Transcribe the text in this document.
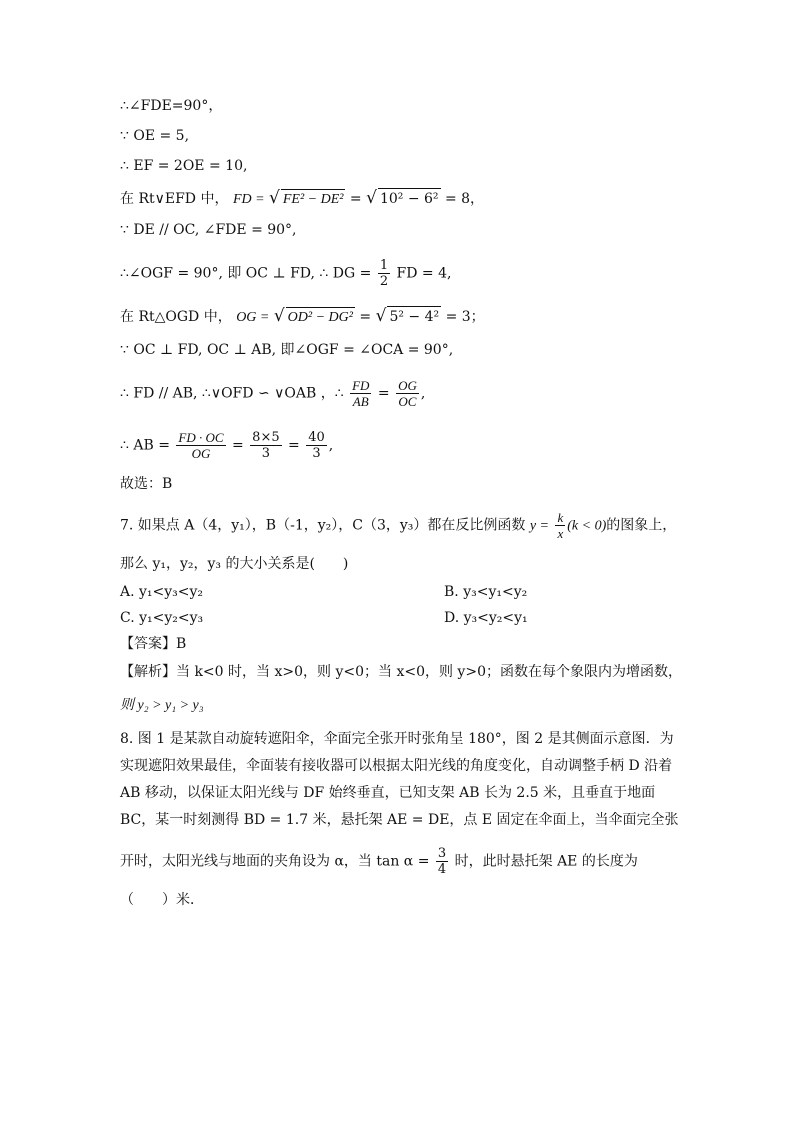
∴∠FDE=90°，
∵ OE = 5,
∴ EF = 2OE = 10,
在 Rt∨EFD 中， FD = √ FE² − DE² = √ 10² − 6² = 8，
∵ DE // OC, ∠FDE = 90°,
∴∠OGF = 90°, 即 OC ⊥ FD, ∴ DG = $\frac{1}{2}$ FD = 4,
在 Rt△OGD 中， OG = √ OD² − DG² = √ 5² − 4² = 3；
∵ OC ⊥ FD, OC ⊥ AB, 即∠OGF = ∠OCA = 90°,
∴ FD // AB, ∴∨OFD ∽ ∨OAB ，∴ $\frac{FD}{AB} = \frac{OG}{OC}$ ,
∴ AB = $\frac{FD \cdot OC}{OG} = \frac{8\times 5}{3} = \frac{40}{3}$ ,
故选：B
7. 如果点 A（4，y₁），B（-1，y₂），C（3，y₃）都在反比例函数 $y = \frac{k}{x} (k < 0)$的图象上，
那么 y₁，y₂，y₃ 的大小关系是(　　)
A. y₁<y₃<y₂	B. y₃<y₁<y₂
C. y₁<y₂<y₃	D. y₃<y₂<y₁
【答案】B
【解析】当 k<0 时，当 x>0，则 y<0；当 x<0，则 y>0；函数在每个象限内为增函数，
则 y₂ > y₁ > y₃
8. 图 1 是某款自动旋转遮阳伞，伞面完全张开时张角呈 180°，图 2 是其侧面示意图．为
实现遮阳效果最佳，伞面装有接收器可以根据太阳光线的角度变化，自动调整手柄 D 沿着
AB 移动，以保证太阳光线与 DF 始终垂直，已知支架 AB 长为 2.5 米，且垂直于地面
BC，某一时刻测得 BD = 1.7 米，悬托架 AE = DE，点 E 固定在伞面上，当伞面完全张
开时，太阳光线与地面的夹角设为 α，当 $\tan \alpha = \frac{3}{4}$ 时，此时悬托架 AE 的长度为
（　　）米．
